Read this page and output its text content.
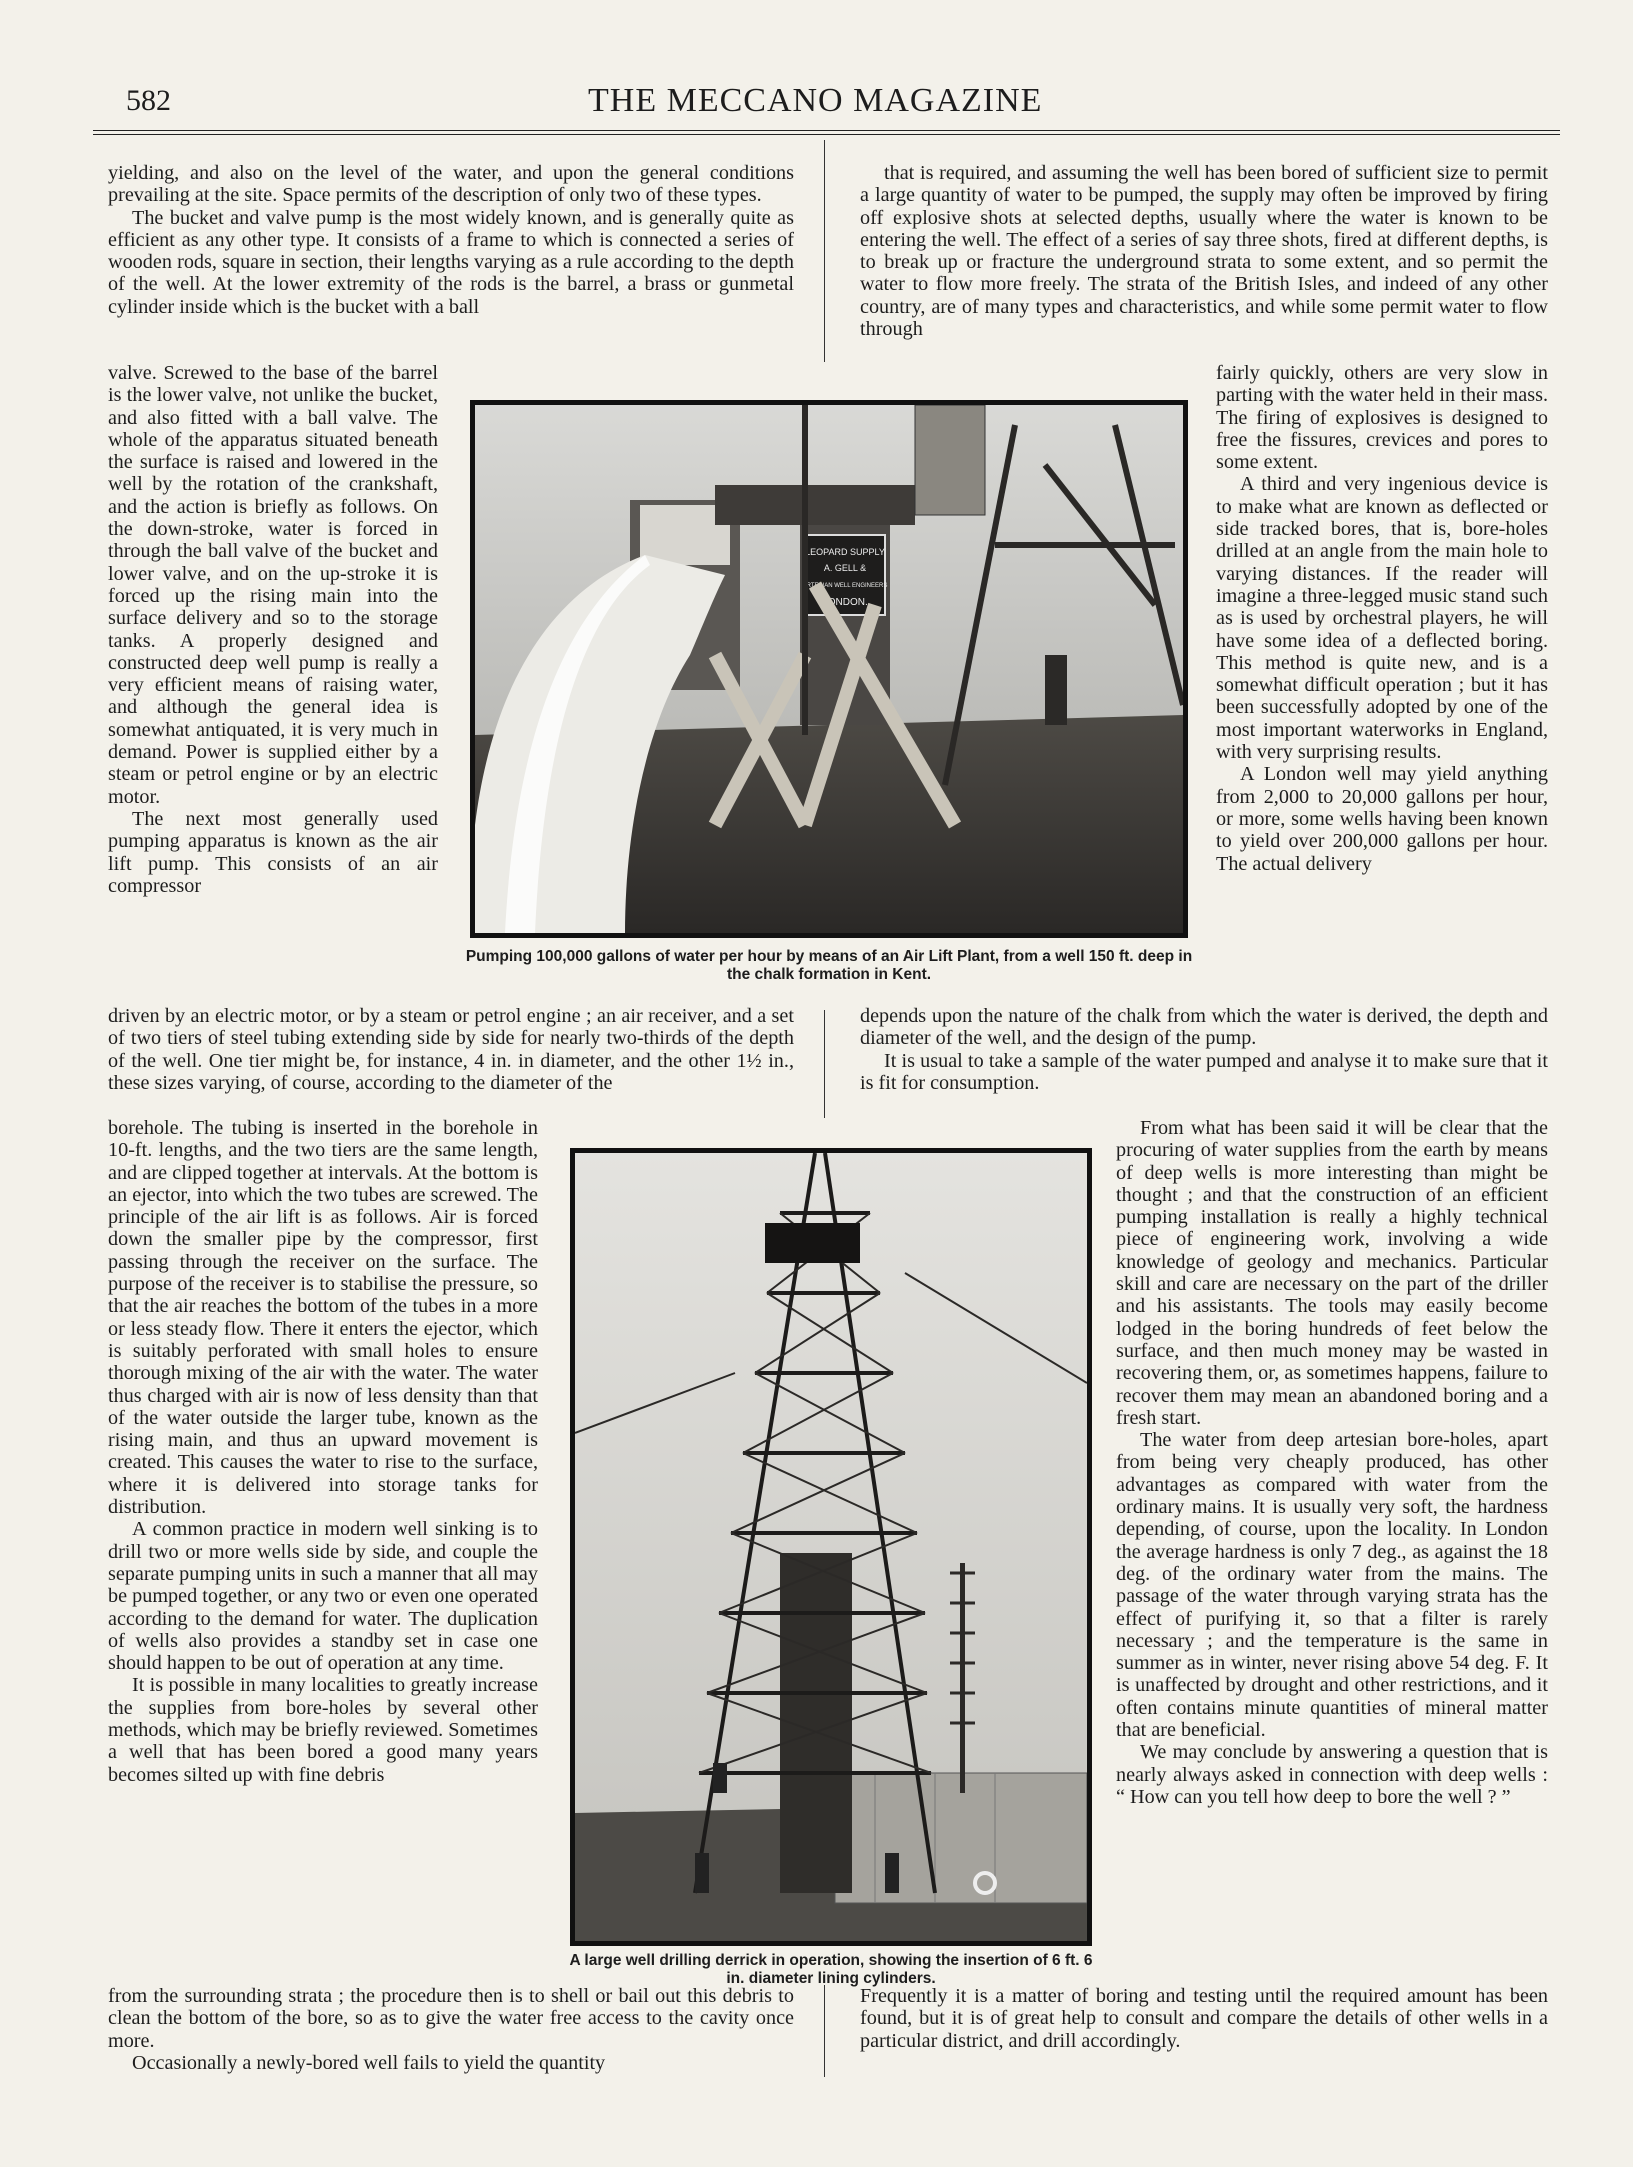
582	THE MECCANO MAGAZINE

yielding, and also on the level of the water, and upon the general conditions prevailing at the site. Space permits of the description of only two of these types.

The bucket and valve pump is the most widely known, and is generally quite as efficient as any other type. It consists of a frame to which is connected a series of wooden rods, square in section, their lengths varying as a rule according to the depth of the well. At the lower extremity of the rods is the barrel, a brass or gunmetal cylinder inside which is the bucket with a ball

that is required, and assuming the well has been bored of sufficient size to permit a large quantity of water to be pumped, the supply may often be improved by firing off explosive shots at selected depths, usually where the water is known to be entering the well. The effect of a series of say three shots, fired at different depths, is to break up or fracture the underground strata to some extent, and so permit the water to flow more freely. The strata of the British Isles, and indeed of any other country, are of many types and characteristics, and while some permit water to flow through

valve. Screwed to the base of the barrel is the lower valve, not unlike the bucket, and also fitted with a ball valve. The whole of the apparatus situated beneath the surface is raised and lowered in the well by the rotation of the crankshaft, and the action is briefly as follows. On the down-stroke, water is forced in through the ball valve of the bucket and lower valve, and on the up-stroke it is forced up the rising main into the surface delivery and so to the storage tanks. A properly designed and constructed deep well pump is really a very efficient means of raising water, and although the general idea is somewhat antiquated, it is very much in demand. Power is supplied either by a steam or petrol engine or by an electric motor.

The next most generally used pumping apparatus is known as the air lift pump. This consists of an air compressor

fairly quickly, others are very slow in parting with the water held in their mass. The firing of explosives is designed to free the fissures, crevices and pores to some extent.

A third and very ingenious device is to make what are known as deflected or side tracked bores, that is, bore-holes drilled at an angle from the main hole to varying distances. If the reader will imagine a three-legged music stand such as is used by orchestral players, he will have some idea of a deflected boring. This method is quite new, and is a somewhat difficult operation ; but it has been successfully adopted by one of the most important waterworks in England, with very surprising results.

A London well may yield anything from 2,000 to 20,000 gallons per hour, or more, some wells having been known to yield over 200,000 gallons per hour. The actual delivery

LEOPARD SUPPLY
A. GELL &
ARTESIAN WELL ENGINEERS
LONDON.
Pumping 100,000 gallons of water per hour by means of an Air Lift Plant, from a well 150 ft. deep in the chalk formation in Kent.

driven by an electric motor, or by a steam or petrol engine ; an air receiver, and a set of two tiers of steel tubing extending side by side for nearly two-thirds of the depth of the well. One tier might be, for instance, 4 in. in diameter, and the other 1½ in., these sizes varying, of course, according to the diameter of the

depends upon the nature of the chalk from which the water is derived, the depth and diameter of the well, and the design of the pump.

It is usual to take a sample of the water pumped and analyse it to make sure that it is fit for consumption.

borehole. The tubing is inserted in the borehole in 10-ft. lengths, and the two tiers are the same length, and are clipped together at intervals. At the bottom is an ejector, into which the two tubes are screwed. The principle of the air lift is as follows. Air is forced down the smaller pipe by the compressor, first passing through the receiver on the surface. The purpose of the receiver is to stabilise the pressure, so that the air reaches the bottom of the tubes in a more or less steady flow. There it enters the ejector, which is suitably perforated with small holes to ensure thorough mixing of the air with the water. The water thus charged with air is now of less density than that of the water outside the larger tube, known as the rising main, and thus an upward movement is created. This causes the water to rise to the surface, where it is delivered into storage tanks for distribution.

A common practice in modern well sinking is to drill two or more wells side by side, and couple the separate pumping units in such a manner that all may be pumped together, or any two or even one operated according to the demand for water. The duplication of wells also provides a standby set in case one should happen to be out of operation at any time.

It is possible in many localities to greatly increase the supplies from bore-holes by several other methods, which may be briefly reviewed. Sometimes a well that has been bored a good many years becomes silted up with fine debris

From what has been said it will be clear that the procuring of water supplies from the earth by means of deep wells is more interesting than might be thought ; and that the construction of an efficient pumping installation is really a highly technical piece of engineering work, involving a wide knowledge of geology and mechanics. Particular skill and care are necessary on the part of the driller and his assistants. The tools may easily become lodged in the boring hundreds of feet below the surface, and then much money may be wasted in recovering them, or, as sometimes happens, failure to recover them may mean an abandoned boring and a fresh start.

The water from deep artesian bore-holes, apart from being very cheaply produced, has other advantages as compared with water from the ordinary mains. It is usually very soft, the hardness depending, of course, upon the locality. In London the average hardness is only 7 deg., as against the 18 deg. of the ordinary water from the mains. The passage of the water through varying strata has the effect of purifying it, so that a filter is rarely necessary ; and the temperature is the same in summer as in winter, never rising above 54 deg. F. It is unaffected by drought and other restrictions, and it often contains minute quantities of mineral matter that are beneficial.

We may conclude by answering a question that is nearly always asked in connection with deep wells : “ How can you tell how deep to bore the well ? ”

A large well drilling derrick in operation, showing the insertion of 6 ft. 6 in. diameter lining cylinders.

from the surrounding strata ; the procedure then is to shell or bail out this debris to clean the bottom of the bore, so as to give the water free access to the cavity once more.

Occasionally a newly-bored well fails to yield the quantity

Frequently it is a matter of boring and testing until the required amount has been found, but it is of great help to consult and compare the details of other wells in a particular district, and drill accordingly.
